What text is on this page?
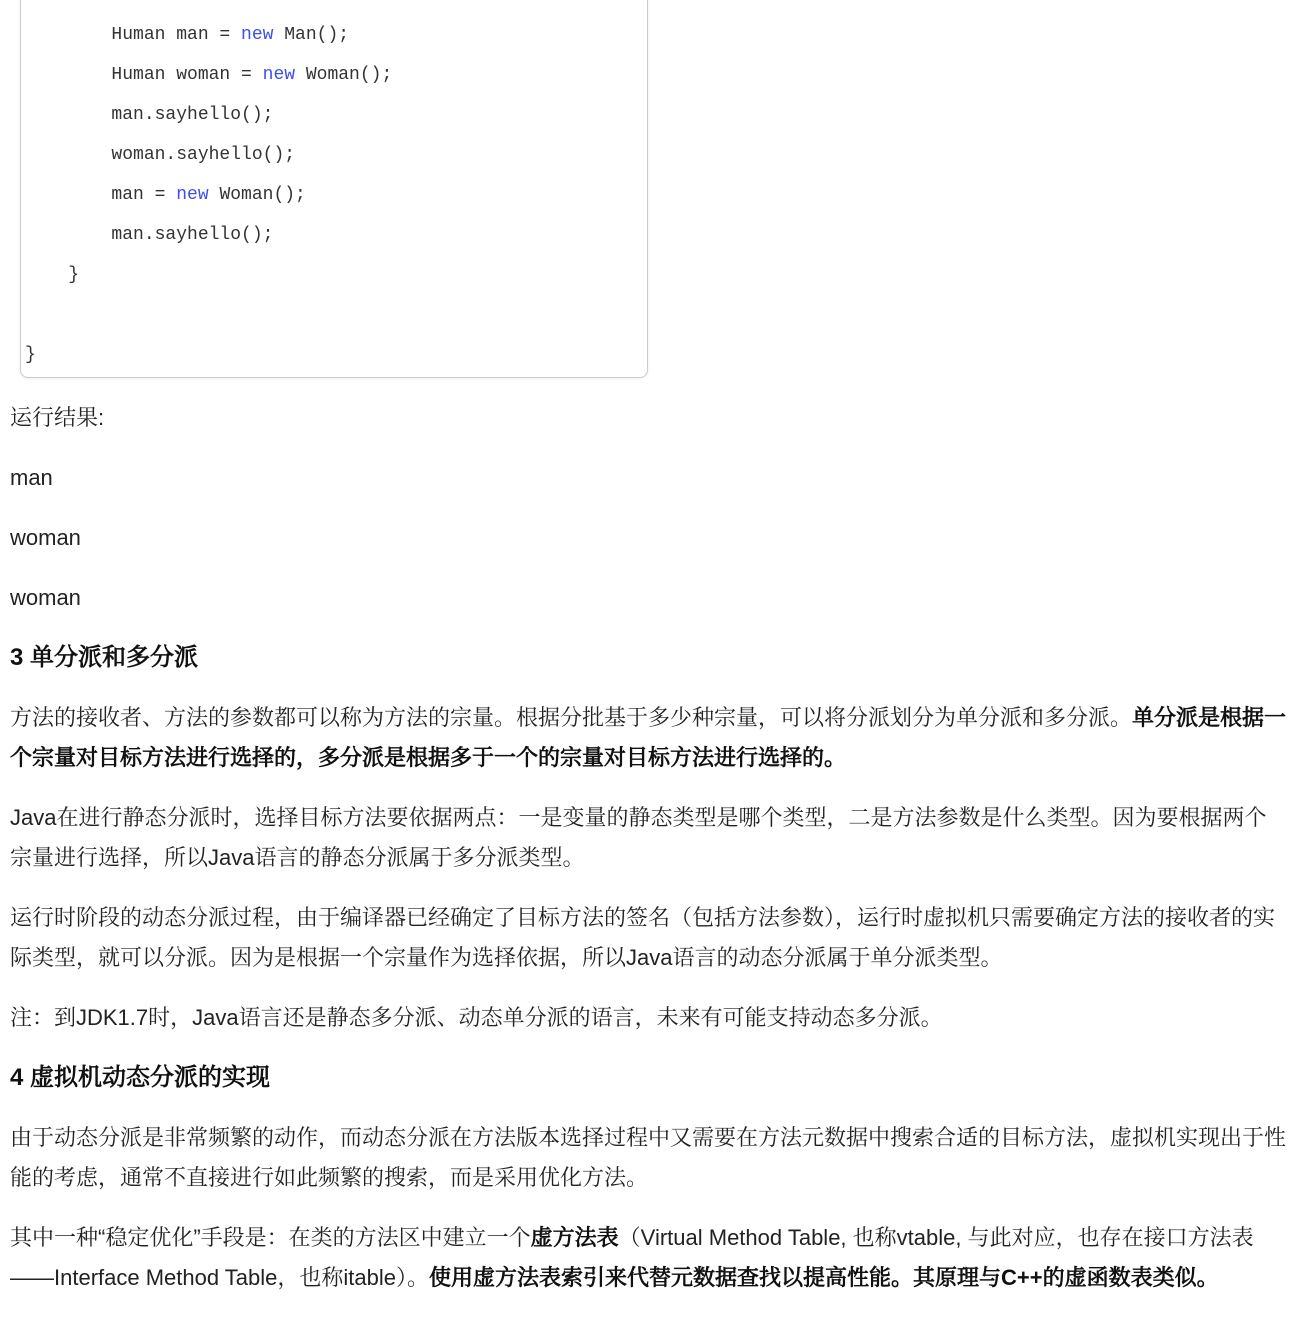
Human man = new Man();
Human woman = new Woman();
man.sayhello();
woman.sayhello();
man = new Woman();
man.sayhello();
}
}

运行结果:

man

woman

woman

3 单分派和多分派

方法的接收者、方法的参数都可以称为方法的宗量。根据分批基于多少种宗量，可以将分派划分为单分派和多分派。单分派是根据一个宗量对目标方法进行选择的，多分派是根据多于一个的宗量对目标方法进行选择的。

Java在进行静态分派时，选择目标方法要依据两点：一是变量的静态类型是哪个类型，二是方法参数是什么类型。因为要根据两个宗量进行选择，所以Java语言的静态分派属于多分派类型。

运行时阶段的动态分派过程，由于编译器已经确定了目标方法的签名（包括方法参数），运行时虚拟机只需要确定方法的接收者的实际类型，就可以分派。因为是根据一个宗量作为选择依据，所以Java语言的动态分派属于单分派类型。

注：到JDK1.7时，Java语言还是静态多分派、动态单分派的语言，未来有可能支持动态多分派。

4 虚拟机动态分派的实现

由于动态分派是非常频繁的动作，而动态分派在方法版本选择过程中又需要在方法元数据中搜索合适的目标方法，虚拟机实现出于性能的考虑，通常不直接进行如此频繁的搜索，而是采用优化方法。

其中一种“稳定优化”手段是：在类的方法区中建立一个虚方法表（Virtual Method Table, 也称vtable, 与此对应，也存在接口方法表——Interface Method Table，也称itable）。使用虚方法表索引来代替元数据查找以提高性能。其原理与C++的虚函数表类似。
